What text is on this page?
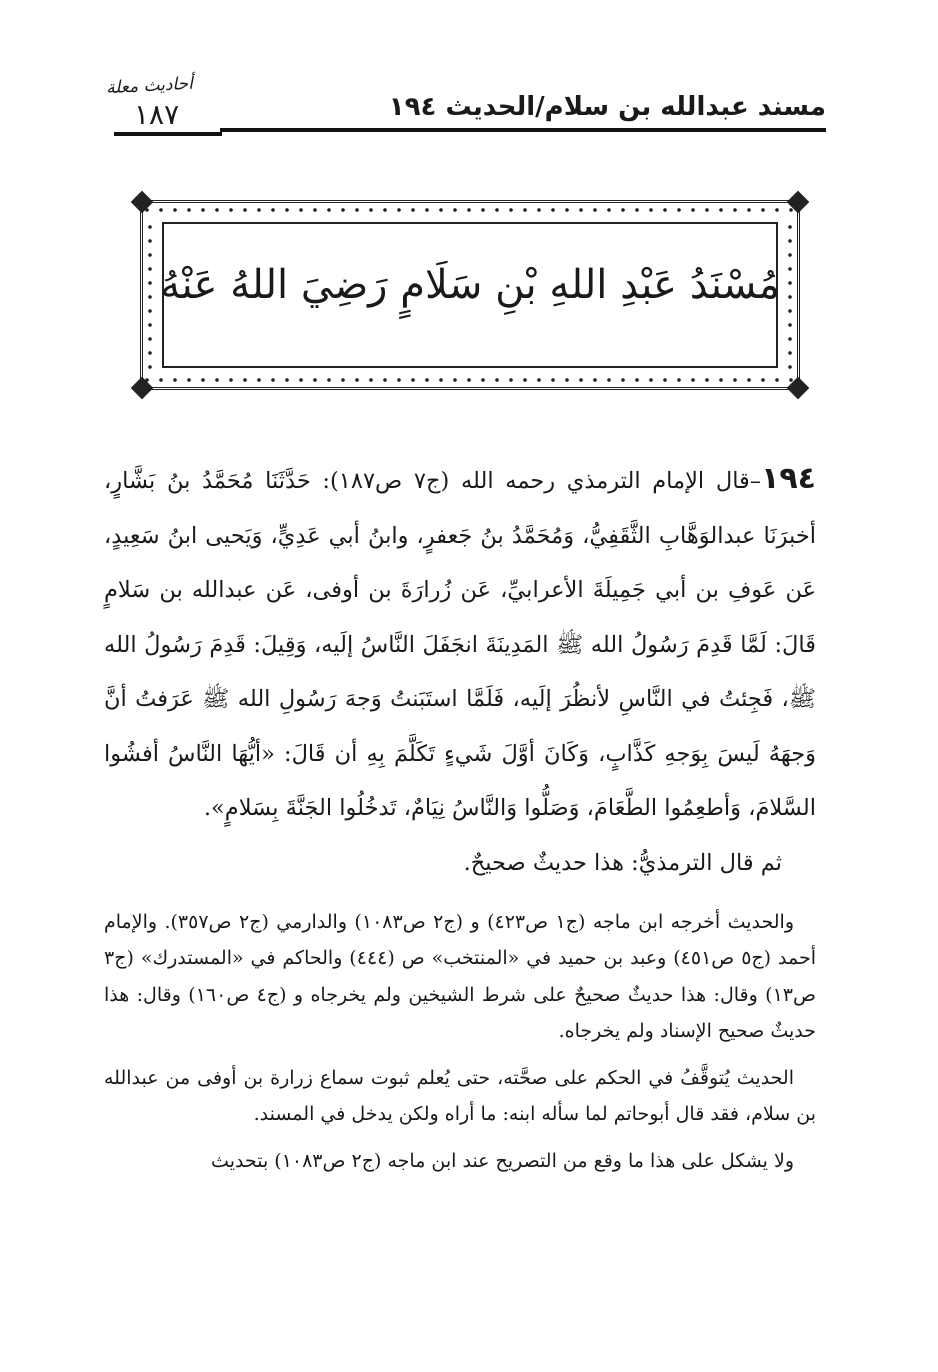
مسند عبدالله بن سلام/الحديث ١٩٤
أحاديث معلة
١٨٧
مُسْنَدُ عَبْدِ اللهِ بْنِ سَلَامٍ رَضِيَ اللهُ عَنْهُ

١٩٤–قال الإمام الترمذي رحمه الله (ج٧ ص١٨٧): حَدَّثَنَا مُحَمَّدُ بنُ بَشَّارٍ، أخبرَنَا عبدالوَهَّابِ الثَّقَفِيُّ، وَمُحَمَّدُ بنُ جَعفرٍ، وابنُ أبي عَدِيٍّ، وَيَحيى ابنُ سَعِيدٍ، عَن عَوفِ بن أبي جَمِيلَةَ الأعرابيِّ، عَن زُرارَةَ بن أوفى، عَن عبدالله بن سَلامٍ قَالَ: لَمَّا قَدِمَ رَسُولُ الله ﷺ المَدِينَةَ انجَفَلَ النَّاسُ إلَيه، وَقِيلَ: قَدِمَ رَسُولُ الله ﷺ، فَجِئتُ في النَّاسِ لأنظُرَ إلَيه، فَلَمَّا استَبَنتُ وَجهَ رَسُولِ الله ﷺ عَرَفتُ أنَّ وَجهَهُ لَيسَ بِوَجهِ كَذَّابٍ، وَكَانَ أوَّلَ شَيءٍ تَكَلَّمَ بِهِ أن قَالَ: «أيُّهَا النَّاسُ أفشُوا السَّلامَ، وَأطعِمُوا الطَّعَامَ، وَصَلُّوا وَالنَّاسُ نِيَامٌ، تَدخُلُوا الجَنَّةَ بِسَلامٍ».

ثم قال الترمذيُّ: هذا حديثٌ صحيحٌ.

والحديث أخرجه ابن ماجه (ج١ ص٤٢٣) و (ج٢ ص١٠٨٣) والدارمي (ج٢ ص٣٥٧). والإمام أحمد (ج٥ ص٤٥١) وعبد بن حميد في «المنتخب» ص (٤٤٤) والحاكم في «المستدرك» (ج٣ ص١٣) وقال: هذا حديثٌ صحيحٌ على شرط الشيخين ولم يخرجاه و (ج٤ ص١٦٠) وقال: هذا حديثٌ صحيح الإسناد ولم يخرجاه.

الحديث يُتوقَّفُ في الحكم على صحَّته، حتى يُعلم ثبوت سماع زرارة بن أوفى من عبدالله بن سلام، فقد قال أبوحاتم لما سأله ابنه: ما أراه ولكن يدخل في المسند.

ولا يشكل على هذا ما وقع من التصريح عند ابن ماجه (ج٢ ص١٠٨٣) بتحديث
